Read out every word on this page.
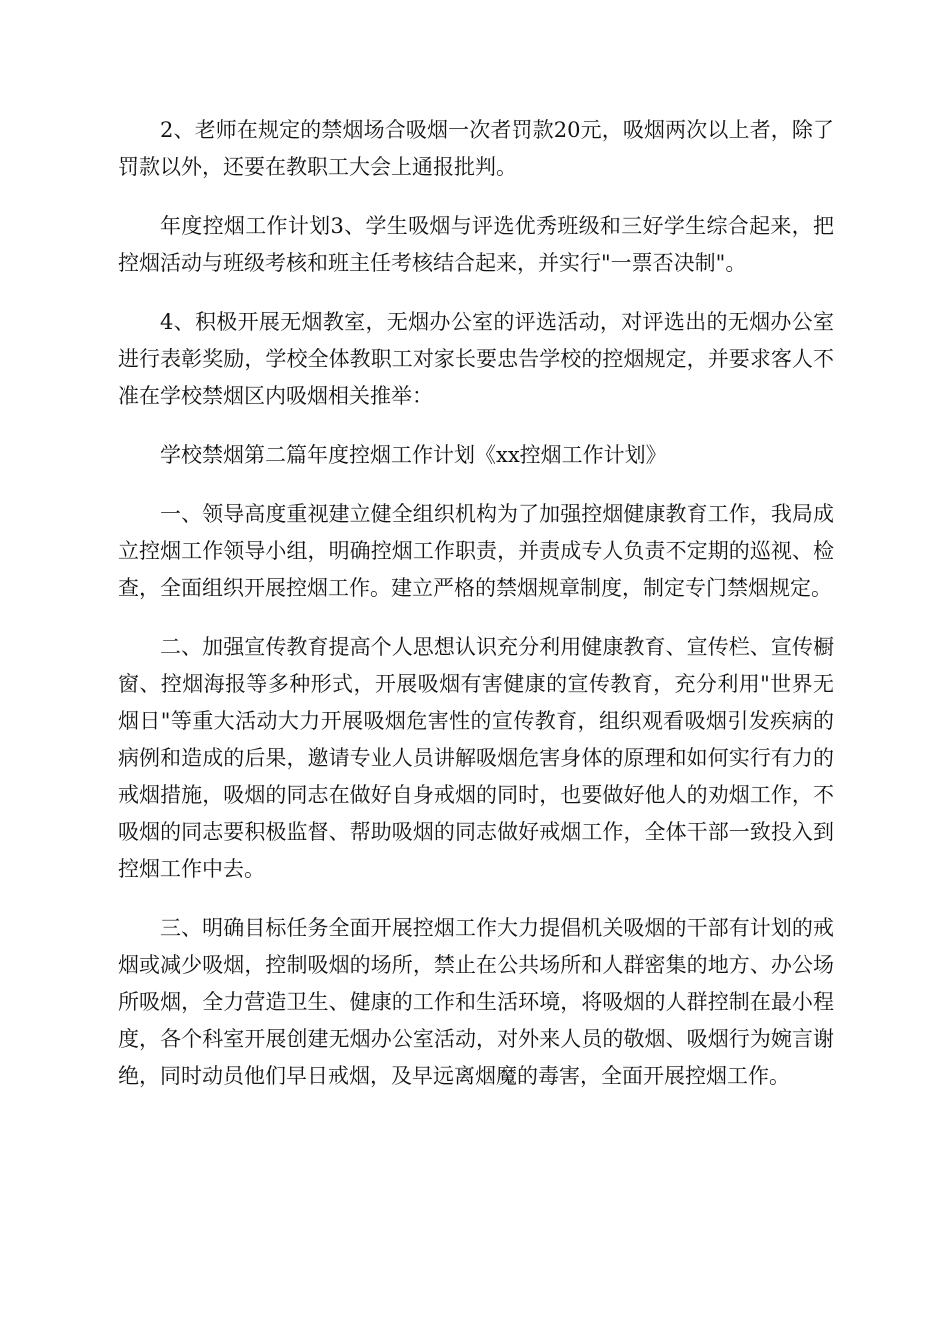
2、老师在规定的禁烟场合吸烟一次者罚款20元，吸烟两次以上者，除了罚款以外，还要在教职工大会上通报批判。

年度控烟工作计划3、学生吸烟与评选优秀班级和三好学生综合起来，把控烟活动与班级考核和班主任考核结合起来，并实行"一票否决制"。

4、积极开展无烟教室，无烟办公室的评选活动，对评选出的无烟办公室进行表彰奖励，学校全体教职工对家长要忠告学校的控烟规定，并要求客人不准在学校禁烟区内吸烟相关推举：

学校禁烟第二篇年度控烟工作计划《xx控烟工作计划》

一、领导高度重视建立健全组织机构为了加强控烟健康教育工作，我局成立控烟工作领导小组，明确控烟工作职责，并责成专人负责不定期的巡视、检查，全面组织开展控烟工作。建立严格的禁烟规章制度，制定专门禁烟规定。

二、加强宣传教育提高个人思想认识充分利用健康教育、宣传栏、宣传橱窗、控烟海报等多种形式，开展吸烟有害健康的宣传教育，充分利用"世界无烟日"等重大活动大力开展吸烟危害性的宣传教育，组织观看吸烟引发疾病的病例和造成的后果，邀请专业人员讲解吸烟危害身体的原理和如何实行有力的戒烟措施，吸烟的同志在做好自身戒烟的同时，也要做好他人的劝烟工作，不吸烟的同志要积极监督、帮助吸烟的同志做好戒烟工作，全体干部一致投入到控烟工作中去。

三、明确目标任务全面开展控烟工作大力提倡机关吸烟的干部有计划的戒烟或减少吸烟，控制吸烟的场所，禁止在公共场所和人群密集的地方、办公场所吸烟，全力营造卫生、健康的工作和生活环境，将吸烟的人群控制在最小程度，各个科室开展创建无烟办公室活动，对外来人员的敬烟、吸烟行为婉言谢绝，同时动员他们早日戒烟，及早远离烟魔的毒害，全面开展控烟工作。
